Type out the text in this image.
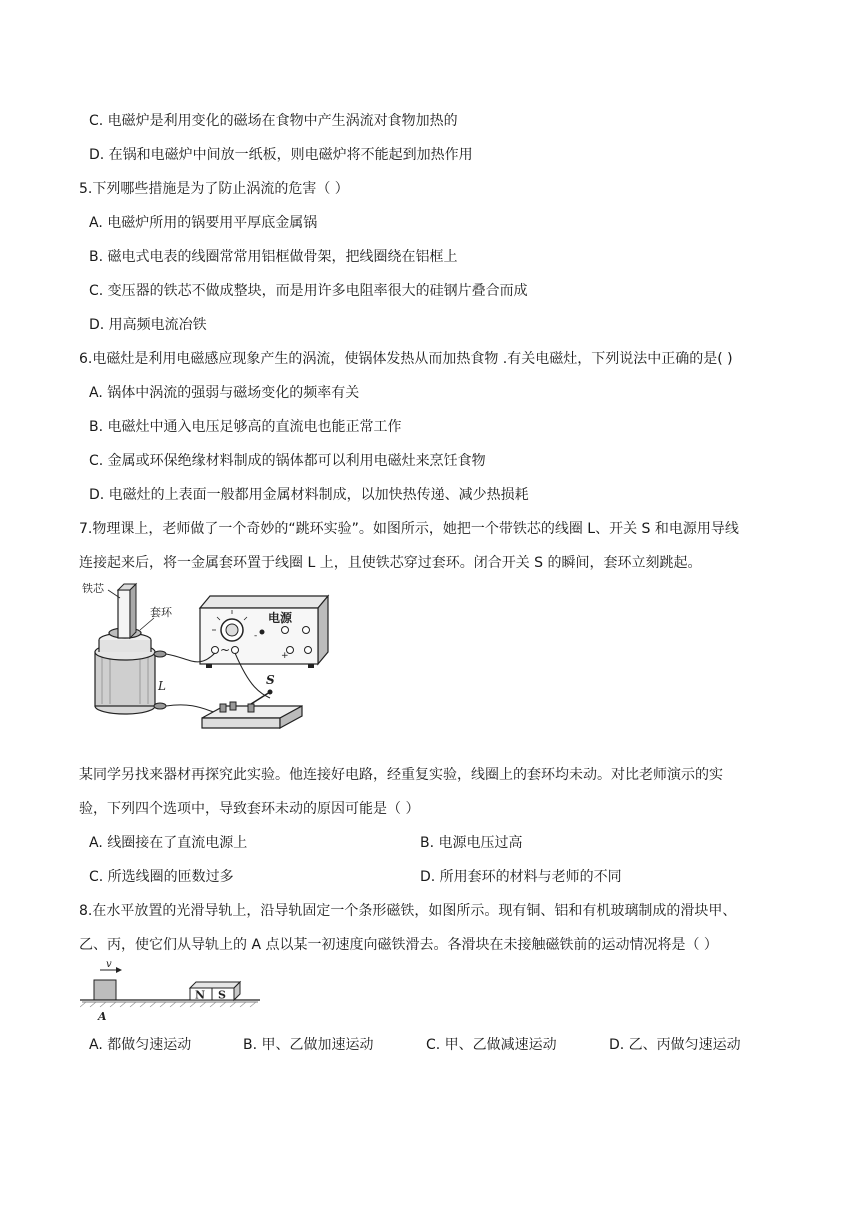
C. 电磁炉是利用变化的磁场在食物中产生涡流对食物加热的
D. 在锅和电磁炉中间放一纸板，则电磁炉将不能起到加热作用
5.下列哪些措施是为了防止涡流的危害（ ）
A. 电磁炉所用的锅要用平厚底金属锅
B. 磁电式电表的线圈常常用铝框做骨架，把线圈绕在铝框上
C. 变压器的铁芯不做成整块，而是用许多电阻率很大的硅钢片叠合而成
D. 用高频电流冶铁
6.电磁灶是利用电磁感应现象产生的涡流，使锅体发热从而加热食物 .有关电磁灶，下列说法中正确的是( )
A. 锅体中涡流的强弱与磁场变化的频率有关
B. 电磁灶中通入电压足够高的直流电也能正常工作
C. 金属或环保绝缘材料制成的锅体都可以利用电磁灶来烹饪食物
D. 电磁灶的上表面一般都用金属材料制成，以加快热传递、减少热损耗
7.物理课上，老师做了一个奇妙的“跳环实验”。如图所示，她把一个带铁芯的线圈 L、开关 S 和电源用导线
连接起来后，将一金属套环置于线圈 L 上，且使铁芯穿过套环。闭合开关 S 的瞬间，套环立刻跳起。
铁芯
套环	电源
~	+
-
L	S
某同学另找来器材再探究此实验。他连接好电路，经重复实验，线圈上的套环均未动。对比老师演示的实
验，下列四个选项中，导致套环未动的原因可能是（ ）
A. 线圈接在了直流电源上	B. 电源电压过高
C. 所选线圈的匝数过多	D. 所用套环的材料与老师的不同
8.在水平放置的光滑导轨上，沿导轨固定一个条形磁铁，如图所示。现有铜、铝和有机玻璃制成的滑块甲、
乙、丙，使它们从导轨上的 A 点以某一初速度向磁铁滑去。各滑块在未接触磁铁前的运动情况将是（ ）
v
N S
A
A. 都做匀速运动	B. 甲、乙做加速运动	C. 甲、乙做减速运动	D. 乙、丙做匀速运动
